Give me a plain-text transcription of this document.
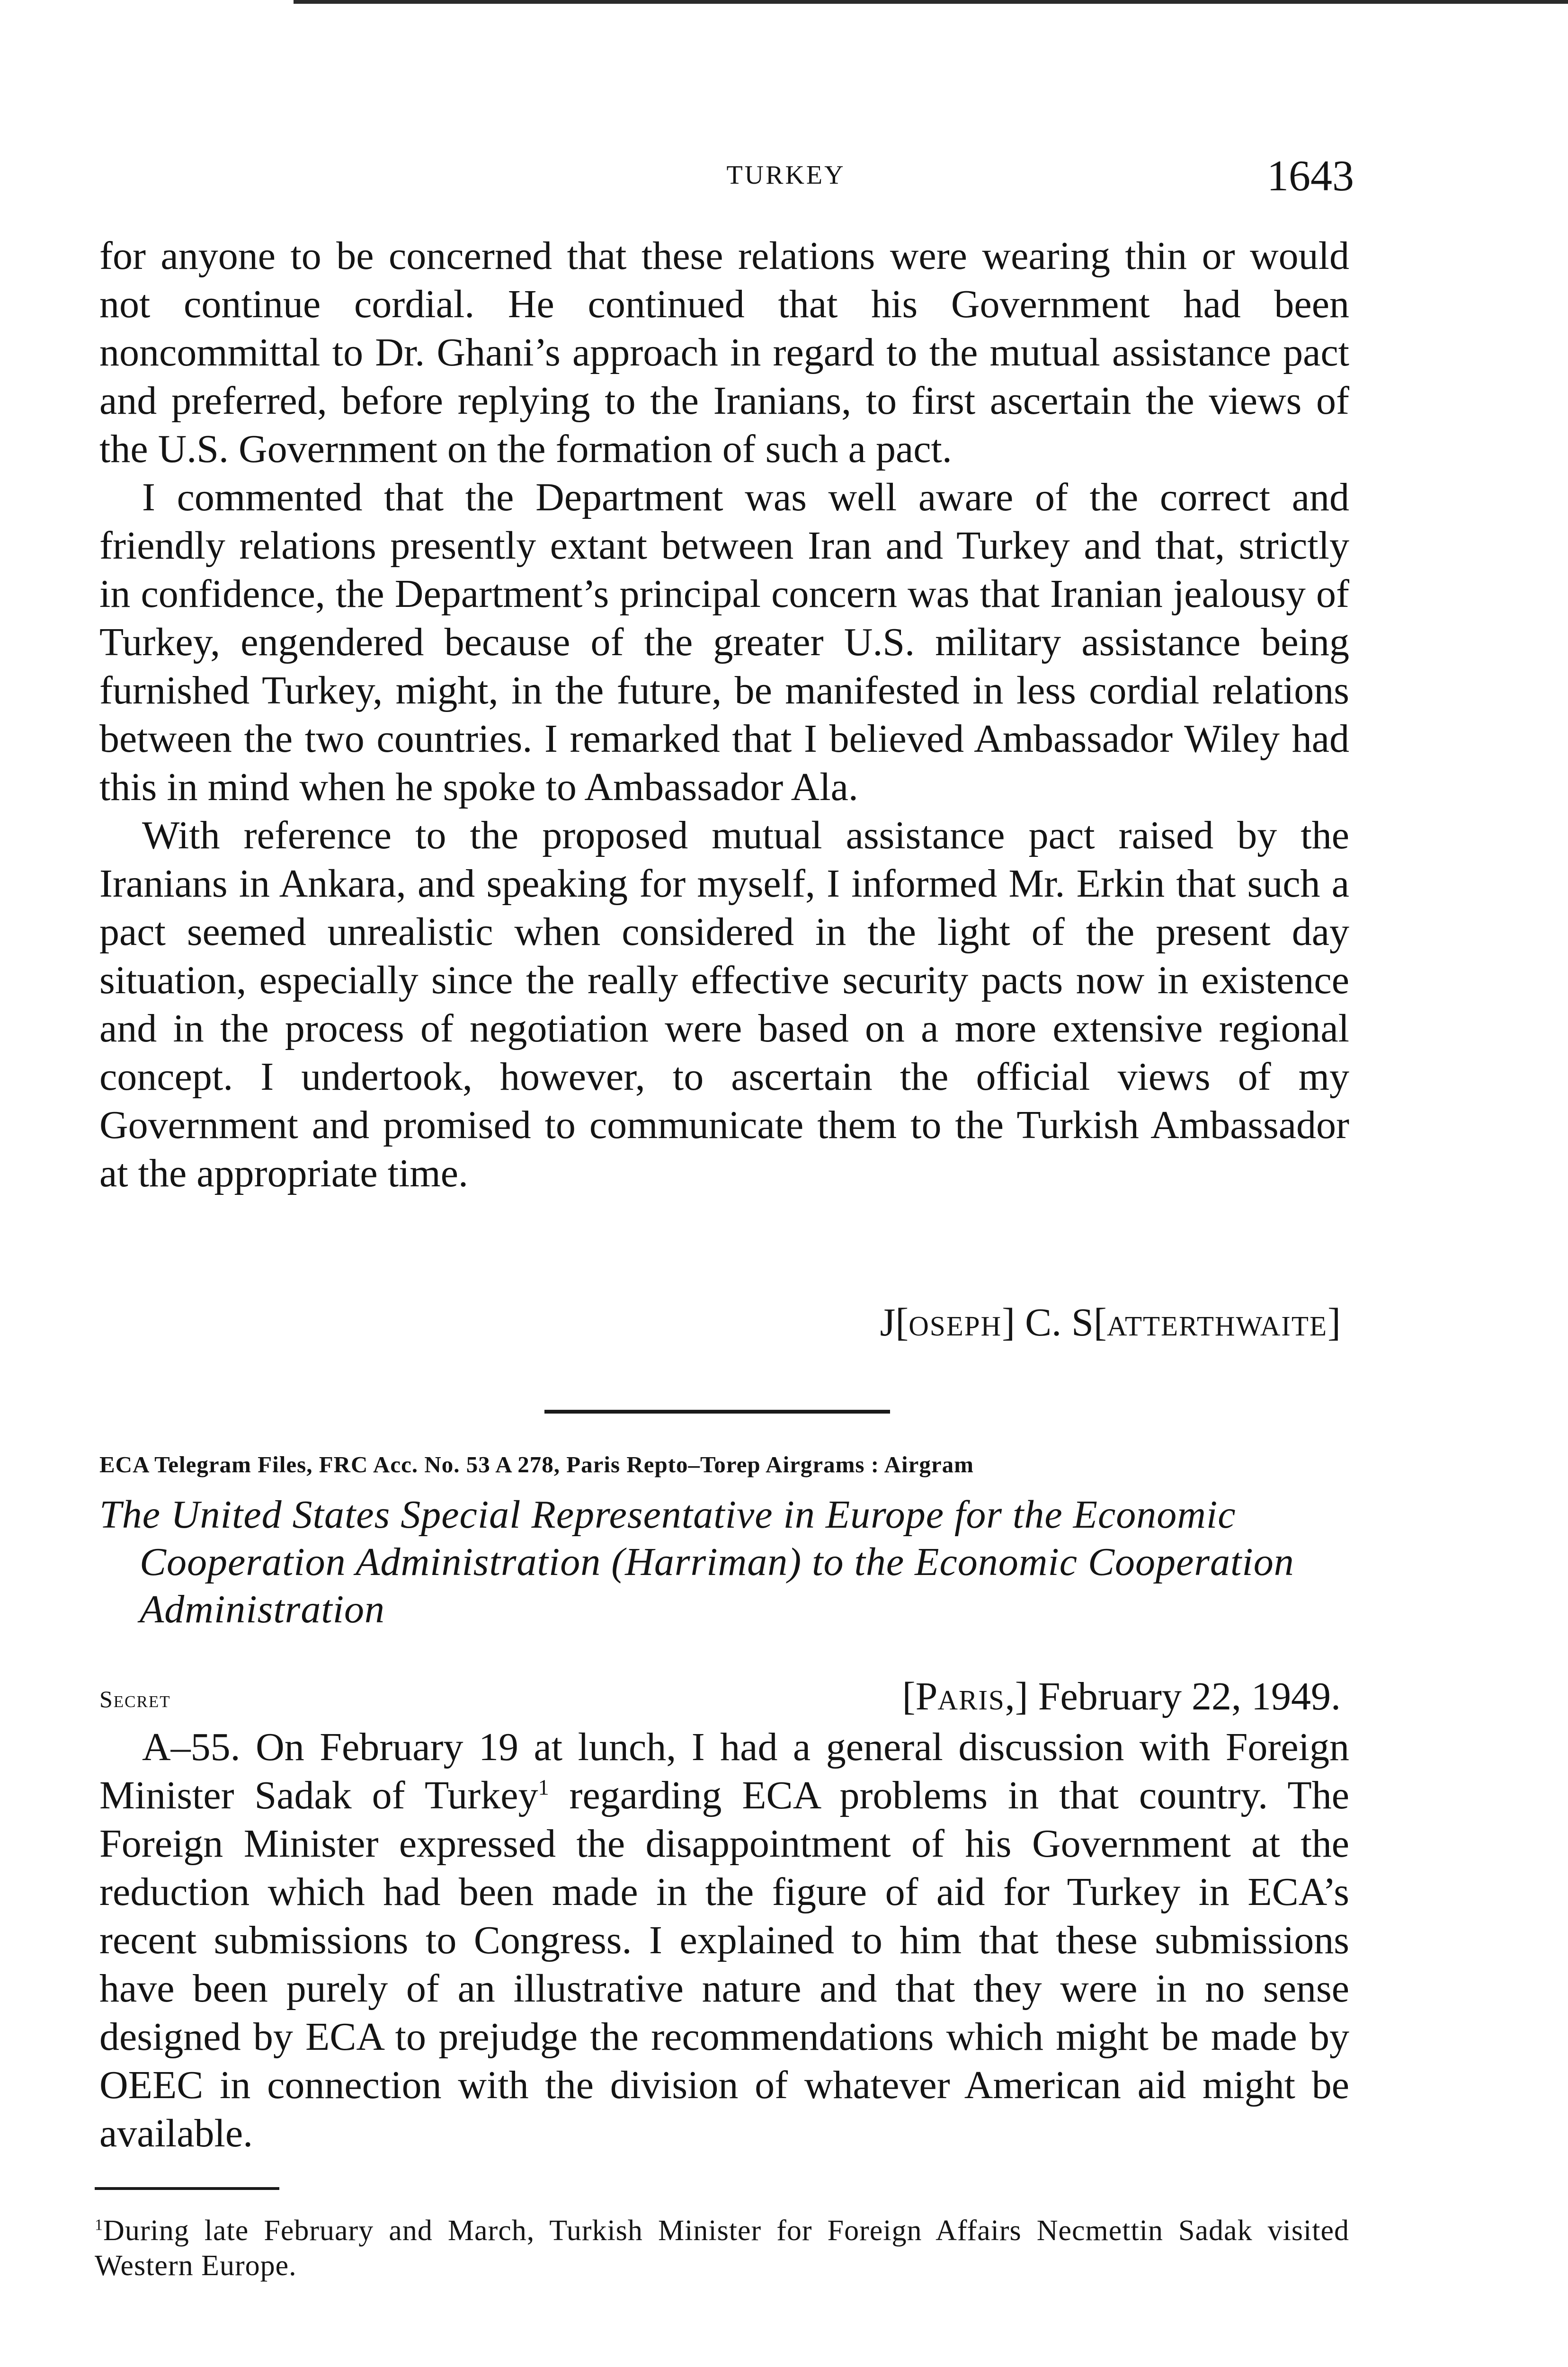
TURKEY	1643

for anyone to be concerned that these relations were wearing thin or would not continue cordial. He continued that his Government had been noncommittal to Dr. Ghani’s approach in regard to the mutual assistance pact and preferred, before replying to the Iranians, to first ascertain the views of the U.S. Government on the formation of such a pact.

I commented that the Department was well aware of the correct and friendly relations presently extant between Iran and Turkey and that, strictly in confidence, the Department’s principal concern was that Iranian jealousy of Turkey, engendered because of the greater U.S. military assistance being furnished Turkey, might, in the future, be manifested in less cordial relations between the two countries. I remarked that I believed Ambassador Wiley had this in mind when he spoke to Ambassador Ala.

With reference to the proposed mutual assistance pact raised by the Iranians in Ankara, and speaking for myself, I informed Mr. Erkin that such a pact seemed unrealistic when considered in the light of the present day situation, especially since the really effective security pacts now in existence and in the process of negotiation were based on a more extensive regional concept. I undertook, however, to ascertain the official views of my Government and promised to communicate them to the Turkish Ambassador at the appropriate time.

J[oseph] C. S[atterthwaite]
ECA Telegram Files, FRC Acc. No. 53 A 278, Paris Repto–Torep Airgrams : Airgram
The United States Special Representative in Europe for the Economic
Cooperation Administration (Harriman) to the Economic Cooperation Administration
Secret	[Paris,] February 22, 1949.

A–55. On February 19 at lunch, I had a general discussion with Foreign Minister Sadak of Turkey$^1$ regarding ECA problems in that country. The Foreign Minister expressed the disappointment of his Government at the reduction which had been made in the figure of aid for Turkey in ECA’s recent submissions to Congress. I explained to him that these submissions have been purely of an illustrative nature and that they were in no sense designed by ECA to prejudge the recommendations which might be made by OEEC in connection with the division of whatever American aid might be available.

$^1$During late February and March, Turkish Minister for Foreign Affairs Necmettin Sadak visited Western Europe.
